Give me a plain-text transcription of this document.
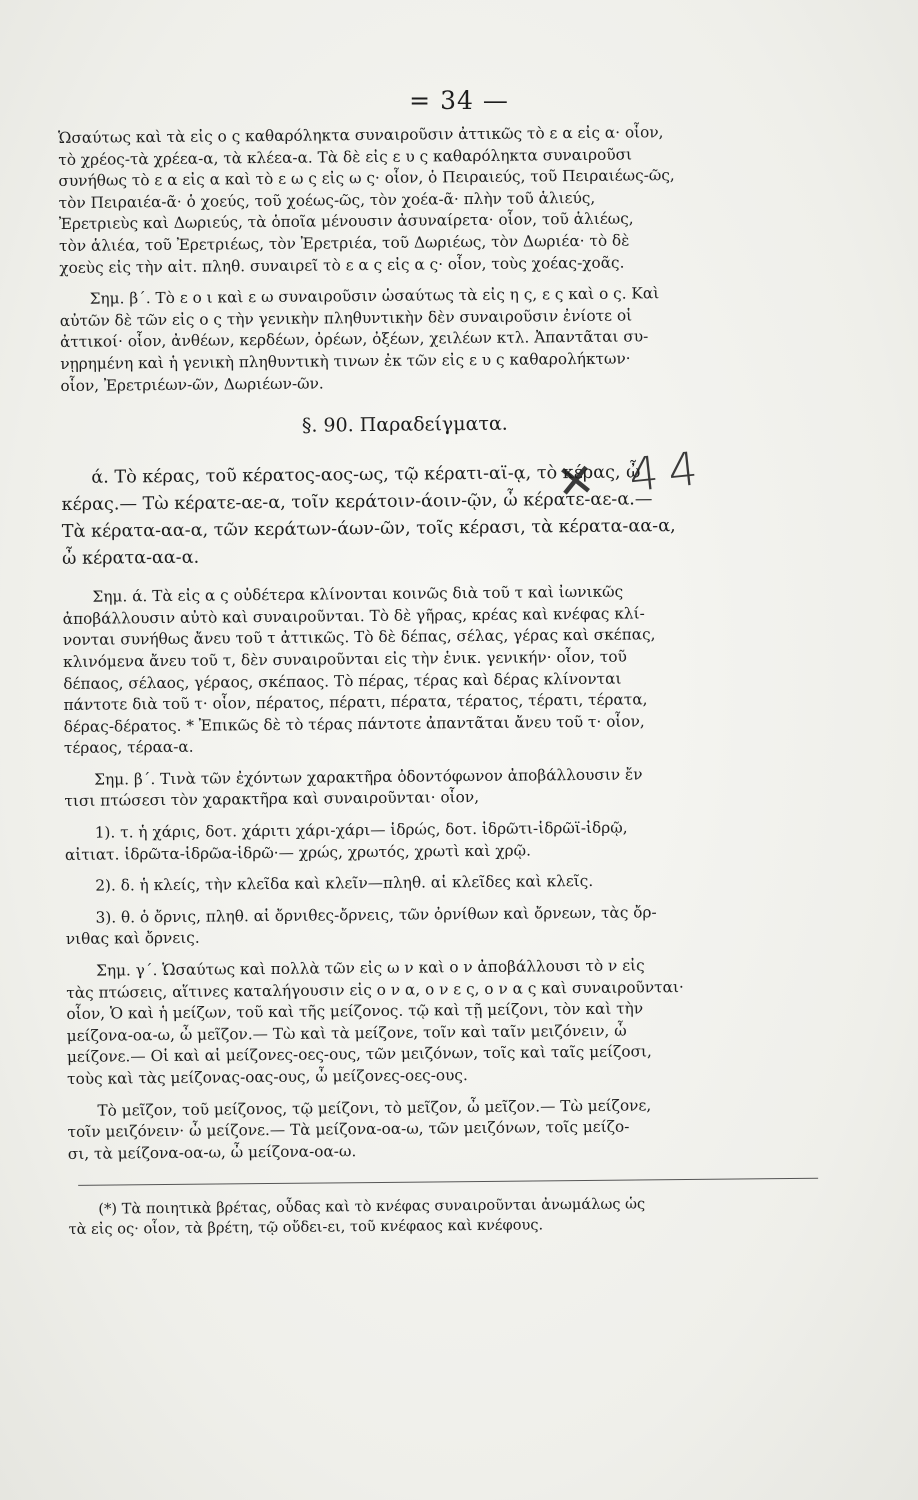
= 34 —
✕ 44
Ὡσαύτως καὶ τὰ εἰς ο ς καθαρόληκτα συναιροῦσιν ἀττικῶς τὸ ε α εἰς α· οἷον,
τὸ χρέος-τὰ χρέεα-α, τὰ κλέεα-α. Τὰ δὲ εἰς ε υ ς καθαρόληκτα συναιροῦσι
συνήθως τὸ ε α εἰς α καὶ τὸ ε ω ς εἰς ω ς· οἷον, ὁ Πειραιεύς, τοῦ Πειραιέως-ῶς,
τὸν Πειραιέα-ᾶ· ὁ χοεύς, τοῦ χοέως-ῶς, τὸν χοέα-ᾶ· πλὴν τοῦ ἁλιεύς,
Ἐρετριεὺς καὶ Δωριεύς, τὰ ὁποῖα μένουσιν ἀσυναίρετα· οἷον, τοῦ ἁλιέως,
τὸν ἁλιέα, τοῦ Ἐρετριέως, τὸν Ἐρετριέα, τοῦ Δωριέως, τὸν Δωριέα· τὸ δὲ
χοεὺς εἰς τὴν αἰτ. πληθ. συναιρεῖ τὸ ε α ς εἰς α ς· οἷον, τοὺς χοέας-χοᾶς.
Σημ. β΄. Τὸ ε ο ι καὶ ε ω συναιροῦσιν ὡσαύτως τὰ εἰς η ς, ε ς καὶ ο ς. Καὶ
αὐτῶν δὲ τῶν εἰς ο ς τὴν γενικὴν πληθυντικὴν δὲν συναιροῦσιν ἐνίοτε οἱ
ἀττικοί· οἷον, ἀνθέων, κερδέων, ὀρέων, ὀξέων, χειλέων κτλ. Ἀπαντᾶται συ-
νῃρημένη καὶ ἡ γενικὴ πληθυντικὴ τινων ἐκ τῶν εἰς ε υ ς καθαρολήκτων·
οἷον, Ἐρετριέων-ῶν, Δωριέων-ῶν.
§. 90. Παραδείγματα.
ά. Τὸ κέρας, τοῦ κέρατος-αος-ως, τῷ κέρατι-αϊ-ᾳ, τὸ κέρας, ὦ
κέρας.— Τὼ κέρατε-αε-α, τοῖν κεράτοιν-άοιν-ῷν, ὦ κέρατε-αε-α.—
Τὰ κέρατα-αα-α, τῶν κεράτων-άων-ῶν, τοῖς κέρασι, τὰ κέρατα-αα-α,
ὦ κέρατα-αα-α.
Σημ. ά. Τὰ εἰς α ς οὐδέτερα κλίνονται κοινῶς διὰ τοῦ τ καὶ ἰωνικῶς
ἀποβάλλουσιν αὐτὸ καὶ συναιροῦνται. Τὸ δὲ γῆρας, κρέας καὶ κνέφας κλί-
νονται συνήθως ἄνευ τοῦ τ ἀττικῶς. Τὸ δὲ δέπας, σέλας, γέρας καὶ σκέπας,
κλινόμενα ἄνευ τοῦ τ, δὲν συναιροῦνται εἰς τὴν ἑνικ. γενικήν· οἷον, τοῦ
δέπαος, σέλαος, γέραος, σκέπαος. Τὸ πέρας, τέρας καὶ δέρας κλίνονται
πάντοτε διὰ τοῦ τ· οἷον, πέρατος, πέρατι, πέρατα, τέρατος, τέρατι, τέρατα,
δέρας-δέρατος. * Ἐπικῶς δὲ τὸ τέρας πάντοτε ἀπαντᾶται ἄνευ τοῦ τ· οἷον,
τέραος, τέραα-α.
Σημ. β΄. Τινὰ τῶν ἐχόντων χαρακτῆρα ὀδοντόφωνον ἀποβάλλουσιν ἔν
τισι πτώσεσι τὸν χαρακτῆρα καὶ συναιροῦνται· οἷον,
1). τ. ἡ χάρις, δοτ. χάριτι χάρι-χάρι— ἱδρώς, δοτ. ἱδρῶτι-ἱδρῶϊ-ἱδρῷ,
αἰτιατ. ἱδρῶτα-ἱδρῶα-ἱδρῶ·— χρώς, χρωτός, χρωτὶ καὶ χρῷ.
2). δ. ἡ κλείς, τὴν κλεῖδα καὶ κλεῖν—πληθ. αἱ κλεῖδες καὶ κλεῖς.
3). θ. ὁ ὄρνις, πληθ. αἱ ὄρνιθες-ὄρνεις, τῶν ὀρνίθων καὶ ὄρνεων, τὰς ὄρ-
νιθας καὶ ὄρνεις.
Σημ. γ΄. Ὡσαύτως καὶ πολλὰ τῶν εἰς ω ν καὶ ο ν ἀποβάλλουσι τὸ ν εἰς
τὰς πτώσεις, αἵτινες καταλήγουσιν εἰς ο ν α, ο ν ε ς, ο ν α ς καὶ συναιροῦνται·
οἷον, Ὁ καὶ ἡ μείζων, τοῦ καὶ τῆς μείζονος. τῷ καὶ τῇ μείζονι, τὸν καὶ τὴν
μείζονα-οα-ω, ὦ μεῖζον.— Τὼ καὶ τὰ μείζονε, τοῖν καὶ ταῖν μειζόνειν, ὦ
μείζονε.— Οἱ καὶ αἱ μείζονες-οες-ους, τῶν μειζόνων, τοῖς καὶ ταῖς μείζοσι,
τοὺς καὶ τὰς μείζονας-οας-ους, ὦ μείζονες-οες-ους.
Τὸ μεῖζον, τοῦ μείζονος, τῷ μείζονι, τὸ μεῖζον, ὦ μεῖζον.— Τὼ μείζονε,
τοῖν μειζόνειν· ὦ μείζονε.— Τὰ μείζονα-οα-ω, τῶν μειζόνων, τοῖς μείζο-
σι, τὰ μείζονα-οα-ω, ὦ μείζονα-οα-ω.
(*) Τὰ ποιητικὰ βρέτας, οὖδας καὶ τὸ κνέφας συναιροῦνται ἀνωμάλως ὡς
τὰ εἰς ος· οἷον, τὰ βρέτη, τῷ οὔδει-ει, τοῦ κνέφαος καὶ κνέφους.
